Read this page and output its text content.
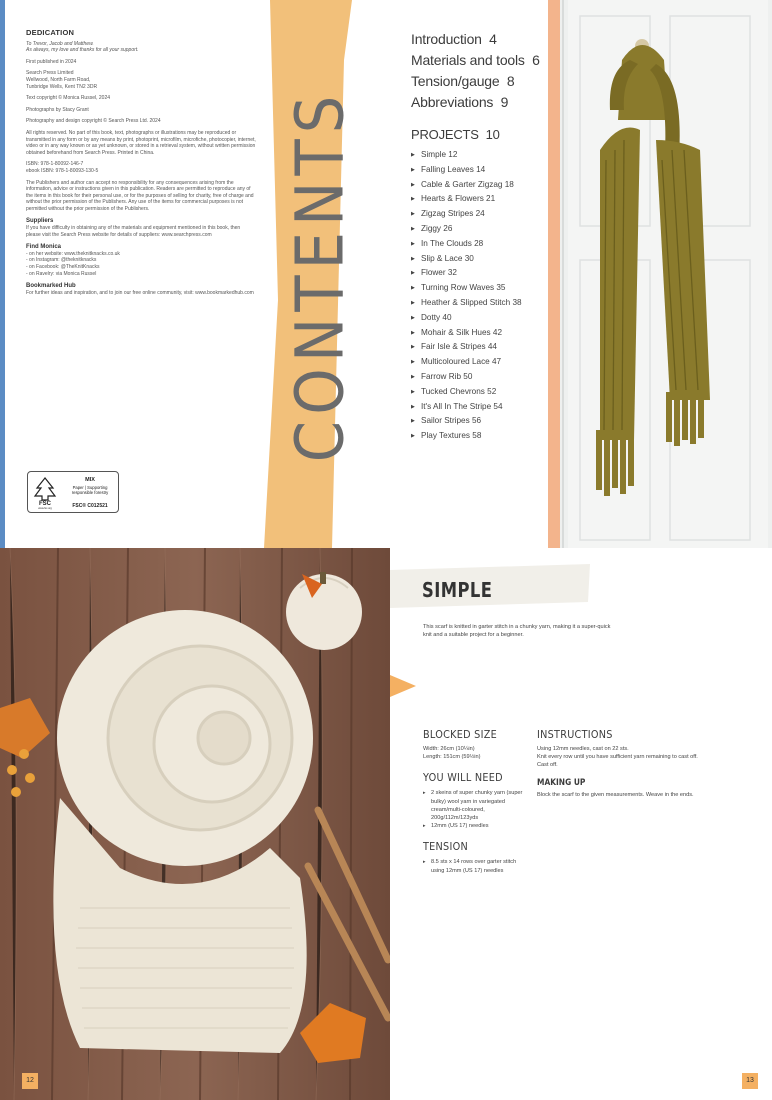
DEDICATION
To Trevor, Jacob and Matthew.
As always, my love and thanks for all your support.
First published in 2024
Search Press Limited
Wellwood, North Farm Road,
Tunbridge Wells, Kent TN2 3DR
Text copyright © Monica Russel, 2024
Photographs by Stacy Grant
Photography and design copyright © Search Press Ltd. 2024
All rights reserved. No part of this book, text, photographs or illustrations may be reproduced or transmitted in any form or by any means by print, photoprint, microfilm, microfiche, photocopier, internet, video or in any way known or as yet unknown, or stored in a retrieval system, without written permission obtained beforehand from Search Press. Printed in China.
ISBN: 978-1-80092-146-7
ebook ISBN: 978-1-80093-130-5
The Publishers and author can accept no responsibility for any consequences arising from the information, advice or instructions given in this publication. Readers are permitted to reproduce any of the items in this book for their personal use, or for the purposes of selling for charity, free of charge and without the prior permission of the Publishers. Any use of the items for commercial purposes is not permitted without the prior permission of the Publishers.
Suppliers
If you have difficulty in obtaining any of the materials and equipment mentioned in this book, then please visit the Search Press website for details of suppliers: www.searchpress.com
Find Monica
- on her website: www.theknitknacks.co.uk
- on Instagram: @theknitknacks
- on Facebook: @TheKnitKnacks
- on Ravelry: via Monica Russel
Bookmarked Hub
For further ideas and inspiration, and to join our free online community, visit: www.bookmarkedhub.com
FSC
www.fsc.org
MIX
Paper | Supporting
responsible forestry
FSC® C012521
CONTENTS
Introduction 4
Materials and tools 6
Tension/gauge 8
Abbreviations 9
PROJECTS 10
▶ Simple 12
▶ Falling Leaves 14
▶ Cable & Garter Zigzag 18
▶ Hearts & Flowers 21
▶ Zigzag Stripes 24
▶ Ziggy 26
▶ In The Clouds 28
▶ Slip & Lace 30
▶ Flower 32
▶ Turning Row Waves 35
▶ Heather & Slipped Stitch 38
▶ Dotty 40
▶ Mohair & Silk Hues 42
▶ Fair Isle & Stripes 44
▶ Multicoloured Lace 47
▶ Farrow Rib 50
▶ Tucked Chevrons 52
▶ It's All In The Stripe 54
▶ Sailor Stripes 56
▶ Play Textures 58
12
SIMPLE
This scarf is knitted in garter stitch in a chunky yarn, making it a super-quick knit and a suitable project for a beginner.
BLOCKED SIZE
Width: 26cm (10¼in)
Length: 151cm (59½in)
YOU WILL NEED
▸ 2 skeins of super chunky yarn (super bulky) wool yarn in variegated cream/multi-coloured, 200g/112m/123yds
▸ 12mm (US 17) needles
TENSION
▸ 8.5 sts x 14 rows over garter stitch using 12mm (US 17) needles
INSTRUCTIONS
Using 12mm needles, cast on 22 sts.
Knit every row until you have sufficient yarn remaining to cast off.
Cast off.
MAKING UP
Block the scarf to the given measurements. Weave in the ends.
13
